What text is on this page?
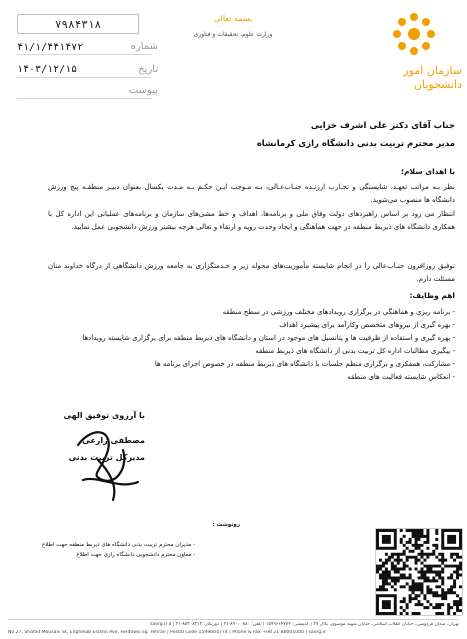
۷۹۸۴۳۱۸
۴۱/۱/۴۴۱۴۷۲	شماره
۱۴۰۳/۱۲/۱۵	تاریخ
پیوست
بسمه تعالی
وزارت علوم، تحقیقات و فناوری
سازمان امور
دانشجویان
جناب آقای دکتر علی اشرف خزایی
مدیر محترم تربیت بدنی دانشگاه رازی کرمانشاه
با اهدای سلام؛
نظر بـه مراتب تعهـد، شایستگی و تجـارب ارزنـده جنـاب‌عـالی، بـه مـوجب ایـن حکـم بـه مـدت یکسال بعنوان دبیـر منطقـه پنج ورزش دانشگاه ها منصوب می‌شوید.
انتظار می رود بر اساس راهبردهای دولت وفاق ملی و برنامه‌ها، اهداف و خط مشی‌های سازمان و برنامه‌های عملیاتی این اداره کل با همکاری دانشگاه های ذیربط منطقه در جهت هماهنگی و ایجاد وحدت رویه و ارتقاء و تعالی هرچه بیشتر ورزش دانشجویی عمل نمایید.
توفیق روزافزون جنـاب‌عالی را در انجام شایسته مأموریت‌های محوله زیر و خـدمتگزاری به جامعه ورزش دانشگاهی از درگاه خداوند منان مسئلت دارم.
اهم وظایف:
- برنامه ریزی و هماهنگی در برگزاری رویدادهای مختلف ورزشی در سطح منطقه
- بهره گیری از نیروهای متخصص وکارآمد برای پیشبرد اهداف
- بهره گیری و استفاده از ظرفیت ها و پتانسیل های موجود در استان و دانشگاه های ذیربط منطقه برای برگزاری شایسته رویدادها
- پیگیری مطالبات اداره کل تربیت بدنی از دانشگاه های ذیربط منطقه
- مشارکت، همفکری و برگزاری منظم جلسات با دانشگاه های ذیربط منطقه در خصوص اجرای برنامه ها
- انعکاس شایسته فعالیت های منطقه
با آرزوی توفیق الهی
مصطفی زارعی
مدیرکل تربیت بدنی
رونوشت :
- مدیران محترم تربیت بدنی دانشگاه های ذیربط منطقه جهت اطلاع
- معاون محترم دانشجویی دانشگاه رازی جهت اطلاع
تهران، میدان فردوسی، خیابان انقلاب اسلامی، خیابان شهید موسوی، پلاک ۲۷ | کدپستی: ۱۵۹۹۶۶۴۷۷۴ | تلفن: ۸۹۰۰۰۸۸۰-۲۱ | دورنگار: ۸۸۳۰۸۳۱۲-۲۱ | ۵ saorg.ir
No.27, Shahid Mousavi St, Enghelab Eslami Ave, Ferdowsi sq, Tehran | Postal Code 1599664774 | Phone & Fax +98 21 88001000 | saorg.ir
